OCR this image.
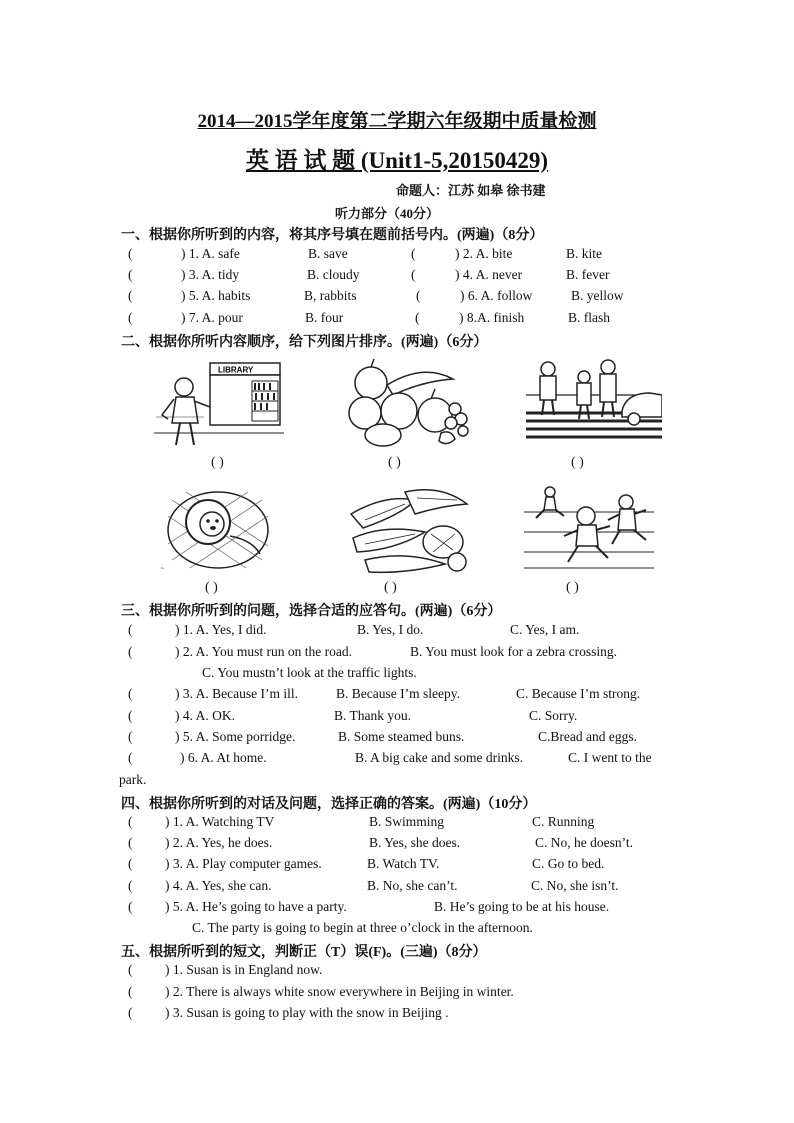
2014—2015学年度第二学期六年级期中质量检测
英 语 试 题 (Unit1-5,20150429)
命题人：江苏 如皋 徐书建
听力部分（40分）
一、根据你所听到的内容，将其序号填在题前括号内。(两遍)（8分）
(	) 1. A. safe	B. save	(	) 2. A. bite	B. kite
(	) 3. A. tidy	B. cloudy	(	) 4. A. never	B. fever
(	) 5. A. habits	B, rabbits	(	) 6. A. follow	B. yellow
(	) 7. A. pour	B. four	(	) 8.A. finish	B. flash
二、根据你所听内容顺序，给下列图片排序。(两遍)（6分）
LIBRARY
( )	( )	( )
~
( )	( )	( )
三、根据你所听到的问题，选择合适的应答句。(两遍)（6分）
(	) 1. A. Yes, I did.	B. Yes, I do.	C. Yes, I am.
(	) 2. A. You must run on the road.	B. You must look for a zebra crossing.
C. You mustn’t look at the traffic lights.
(	) 3. A. Because I’m ill.	B. Because I’m sleepy.	C. Because I’m strong.
(	) 4. A. OK.	B. Thank you.	C. Sorry.
(	) 5. A. Some porridge.	B. Some steamed buns.	C.Bread and eggs.
(	) 6. A. At home.	B. A big cake and some drinks.	C. I went to the
park.
四、根据你所听到的对话及问题，选择正确的答案。(两遍)（10分）
( ) 1. A. Watching TV	B. Swimming	C. Running
( ) 2. A. Yes, he does.	B. Yes, she does.	C. No, he doesn’t.
( ) 3. A. Play computer games.	B. Watch TV.	C. Go to bed.
( ) 4. A. Yes, she can.	B. No, she can’t.	C. No, she isn’t.
( ) 5. A. He’s going to have a party.	B. He’s going to be at his house.
C. The party is going to begin at three o’clock in the afternoon.
五、根据所听到的短文，判断正（T）误(F)。(三遍)（8分）
( ) 1. Susan is in England now.
( ) 2. There is always white snow everywhere in Beijing in winter.
( ) 3. Susan is going to play with the snow in Beijing .
